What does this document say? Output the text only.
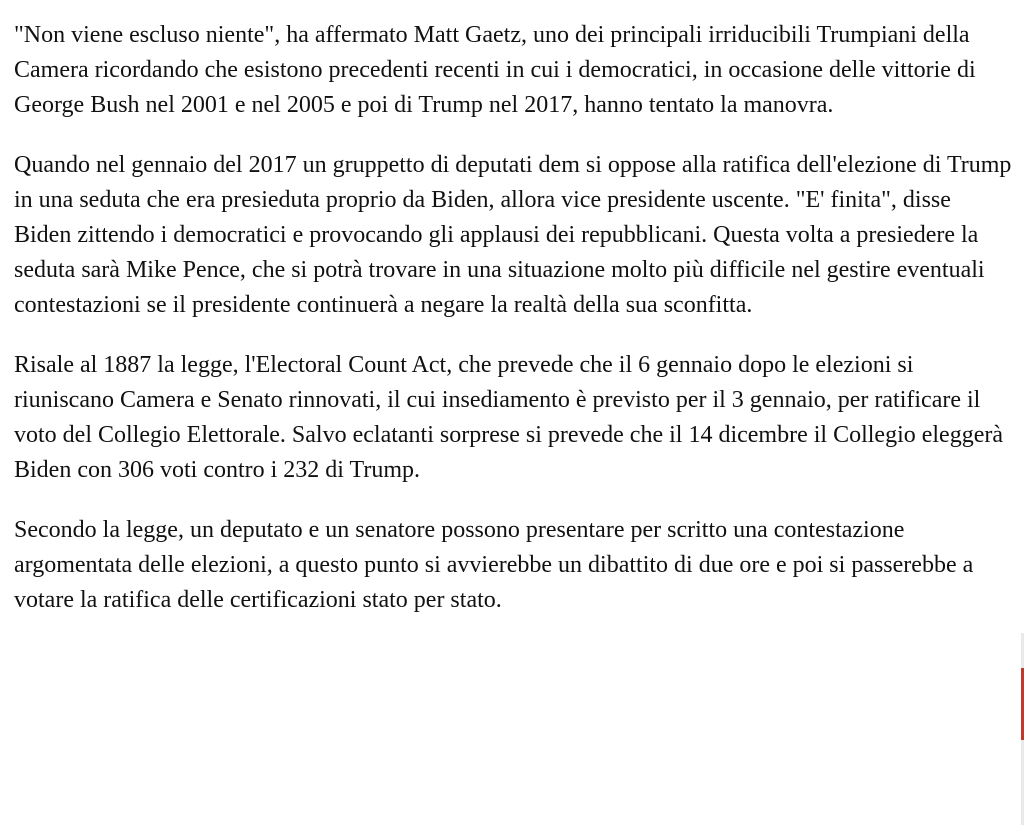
"Non viene escluso niente", ha affermato Matt Gaetz, uno dei principali irriducibili Trumpiani della Camera ricordando che esistono precedenti recenti in cui i democratici, in occasione delle vittorie di George Bush nel 2001 e nel 2005 e poi di Trump nel 2017, hanno tentato la manovra.

Quando nel gennaio del 2017 un gruppetto di deputati dem si oppose alla ratifica dell'elezione di Trump in una seduta che era presieduta proprio da Biden, allora vice presidente uscente. "E' finita", disse Biden zittendo i democratici e provocando gli applausi dei repubblicani. Questa volta a presiedere la seduta sarà Mike Pence, che si potrà trovare in una situazione molto più difficile nel gestire eventuali contestazioni se il presidente continuerà a negare la realtà della sua sconfitta.

Risale al 1887 la legge, l'Electoral Count Act, che prevede che il 6 gennaio dopo le elezioni si riuniscano Camera e Senato rinnovati, il cui insediamento è previsto per il 3 gennaio, per ratificare il voto del Collegio Elettorale. Salvo eclatanti sorprese si prevede che il 14 dicembre il Collegio eleggerà Biden con 306 voti contro i 232 di Trump.

Secondo la legge, un deputato e un senatore possono presentare per scritto una contestazione argomentata delle elezioni, a questo punto si avvierebbe un dibattito di due ore e poi si passerebbe a votare la ratifica delle certificazioni stato per stato.
